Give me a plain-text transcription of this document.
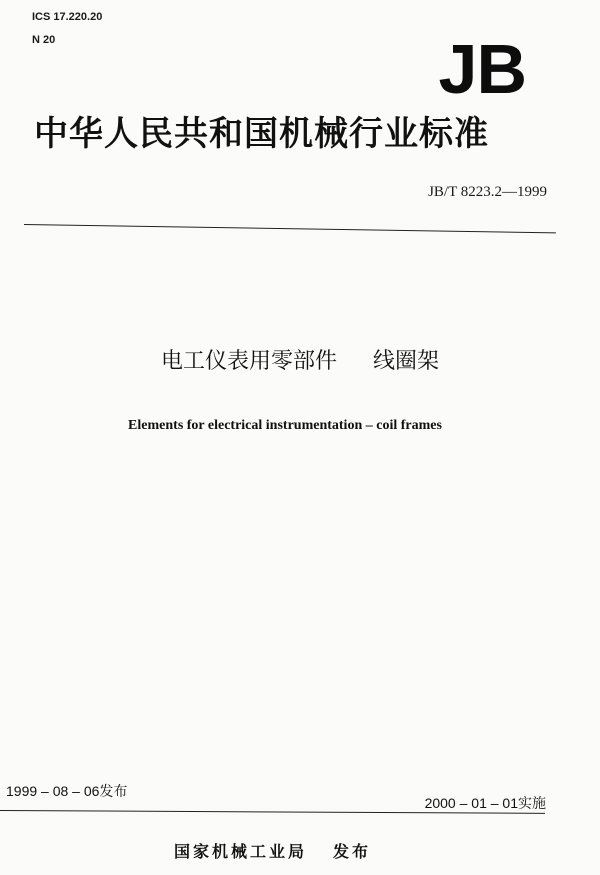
ICS 17.220.20
N 20	JB
中华人民共和国机械行业标准
JB/T 8223.2—1999
电工仪表用零部件 线圈架
Elements for electrical instrumentation – coil frames
1999 – 08 – 06发布
2000 – 01 – 01实施
国家机械工业局 发布
